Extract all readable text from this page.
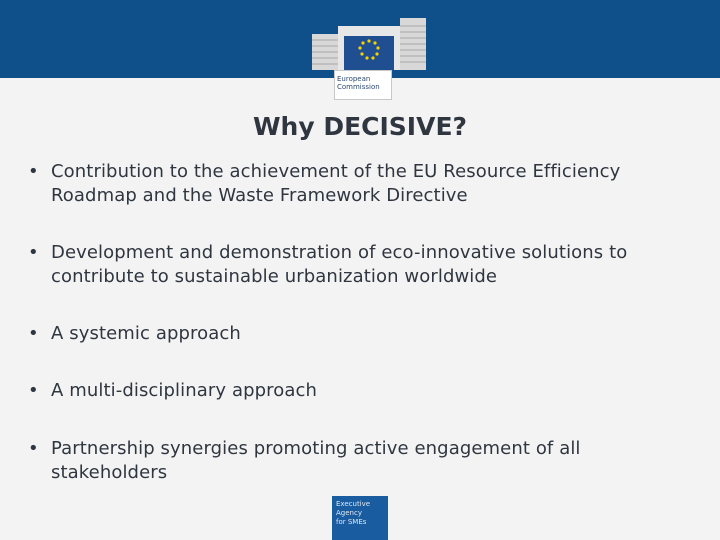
European
Commission
Why DECISIVE?
• Contribution to the achievement of the EU Resource Efficiency Roadmap and the Waste Framework Directive
• Development and demonstration of eco-innovative solutions to contribute to sustainable urbanization worldwide
• A systemic approach
• A multi-disciplinary approach
• Partnership synergies promoting active engagement of all stakeholders
Executive
Agency
for SMEs
